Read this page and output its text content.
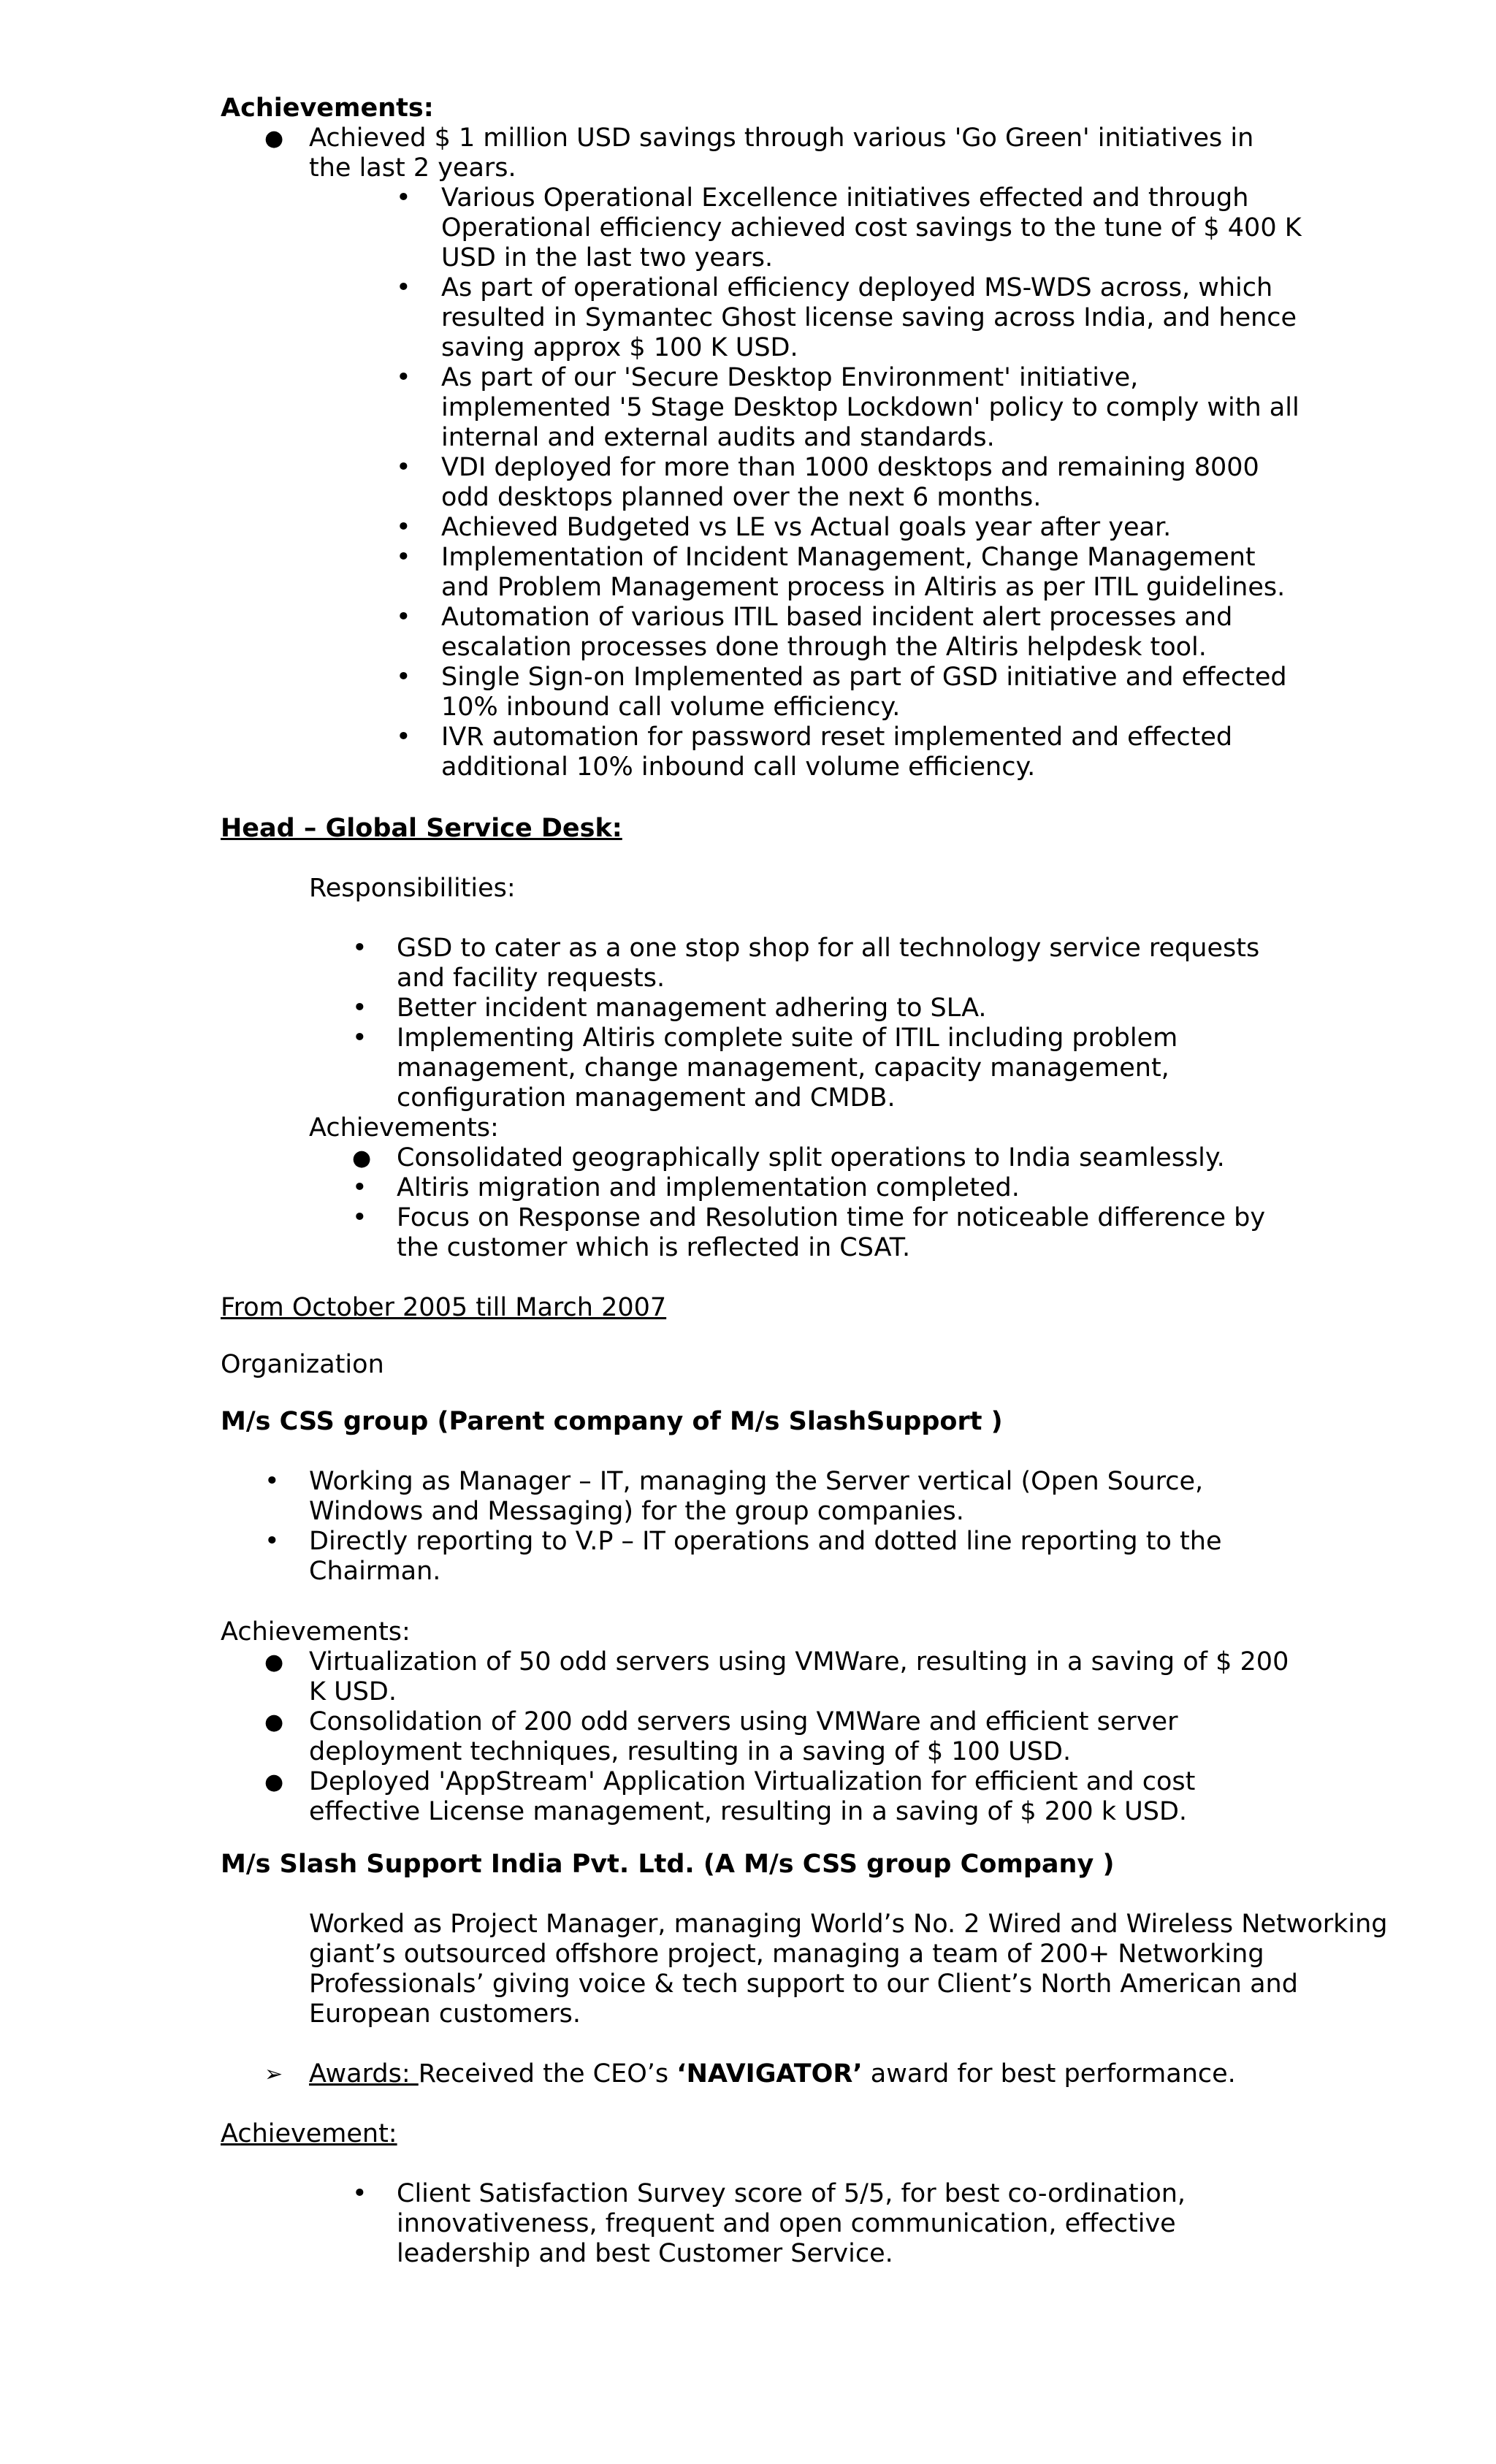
Achievements:
● Achieved $ 1 million USD savings through various 'Go Green' initiatives in the last 2 years.
• Various Operational Excellence initiatives effected and through Operational efficiency achieved cost savings to the tune of $ 400 K USD in the last two years.
• As part of operational efficiency deployed MS-WDS across, which resulted in Symantec Ghost license saving across India, and hence saving approx $ 100 K USD.
• As part of our 'Secure Desktop Environment' initiative, implemented '5 Stage Desktop Lockdown' policy to comply with all internal and external audits and standards.
• VDI deployed for more than 1000 desktops and remaining 8000 odd desktops planned over the next 6 months.
• Achieved Budgeted vs LE vs Actual goals year after year.
• Implementation of Incident Management, Change Management and Problem Management process in Altiris as per ITIL guidelines.
• Automation of various ITIL based incident alert processes and escalation processes done through the Altiris helpdesk tool.
• Single Sign-on Implemented as part of GSD initiative and effected 10% inbound call volume efficiency.
• IVR automation for password reset implemented and effected additional 10% inbound call volume efficiency.
Head – Global Service Desk:
Responsibilities:
• GSD to cater as a one stop shop for all technology service requests and facility requests.
• Better incident management adhering to SLA.
• Implementing Altiris complete suite of ITIL including problem management, change management, capacity management, configuration management and CMDB.
Achievements:
● Consolidated geographically split operations to India seamlessly.
• Altiris migration and implementation completed.
• Focus on Response and Resolution time for noticeable difference by the customer which is reflected in CSAT.
From October 2005 till March 2007
Organization
M/s CSS group (Parent company of M/s SlashSupport )
• Working as Manager – IT, managing the Server vertical (Open Source, Windows and Messaging) for the group companies.
• Directly reporting to V.P – IT operations and dotted line reporting to the Chairman.
Achievements:
● Virtualization of 50 odd servers using VMWare, resulting in a saving of $ 200 K USD.
● Consolidation of 200 odd servers using VMWare and efficient server deployment techniques, resulting in a saving of $ 100 USD.
● Deployed 'AppStream' Application Virtualization for efficient and cost effective License management, resulting in a saving of $ 200 k USD.
M/s Slash Support India Pvt. Ltd. (A M/s CSS group Company )
Worked as Project Manager, managing World’s No. 2 Wired and Wireless Networking giant’s outsourced offshore project, managing a team of 200+ Networking Professionals’ giving voice & tech support to our Client’s North American and European customers.
➢ Awards: Received the CEO’s ‘NAVIGATOR’ award for best performance.
Achievement:
• Client Satisfaction Survey score of 5/5, for best co-ordination, innovativeness, frequent and open communication, effective leadership and best Customer Service.
